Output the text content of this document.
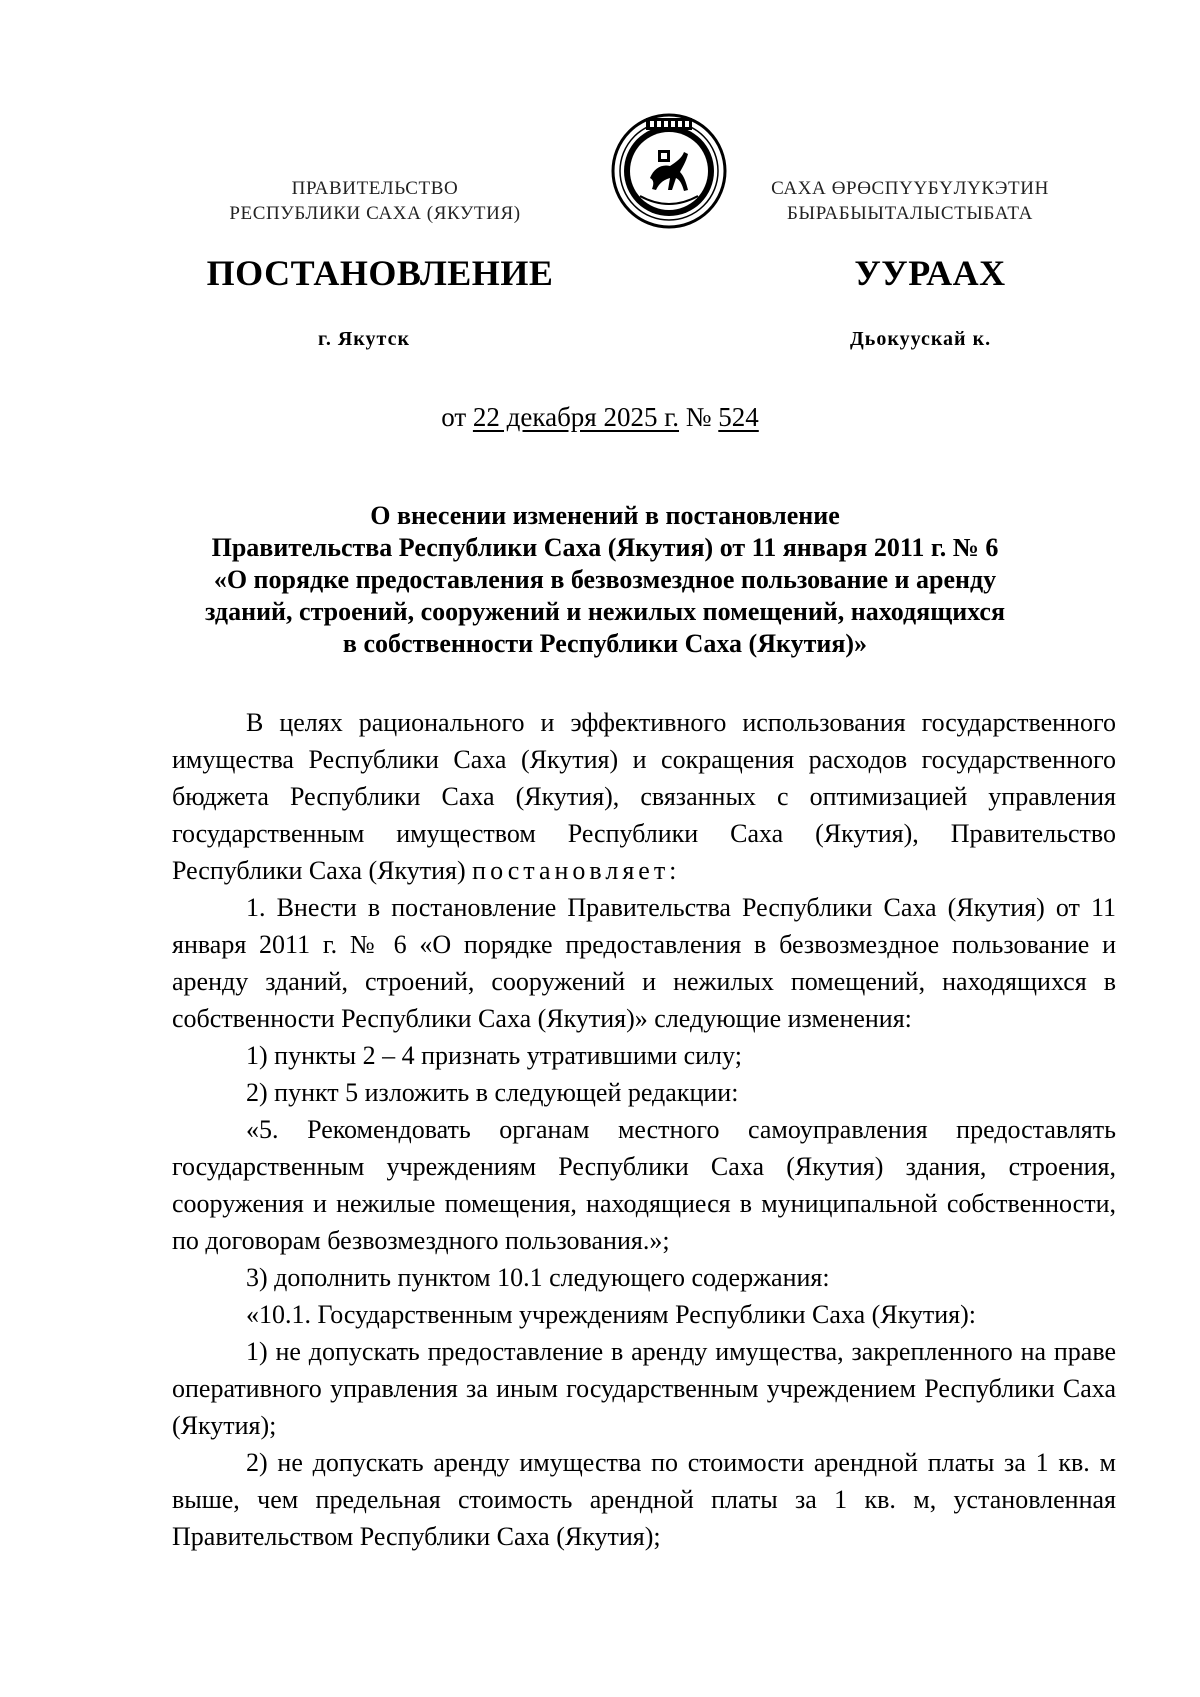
ПРАВИТЕЛЬСТВО
РЕСПУБЛИКИ САХА (ЯКУТИЯ)
САХА ӨРӨСПҮҮБҮЛҮКЭТИН
БЫРАБЫЫТАЛЫСТЫБАТА
ПОСТАНОВЛЕНИЕ	УУРААХ
г. Якутск	Дьокуускай к.
от 22 декабря 2025 г. № 524
О внесении изменений в постановление
Правительства Республики Саха (Якутия) от 11 января 2011 г. № 6
«О порядке предоставления в безвозмездное пользование и аренду
зданий, строений, сооружений и нежилых помещений, находящихся
в собственности Республики Саха (Якутия)»

В целях рационального и эффективного использования государственного имущества Республики Саха (Якутия) и сокращения расходов государственного бюджета Республики Саха (Якутия), связанных с оптимизацией управления государственным имуществом Республики Саха (Якутия), Правительство Республики Саха (Якутия) постановляет:

1. Внести в постановление Правительства Республики Саха (Якутия) от 11 января 2011 г. № 6 «О порядке предоставления в безвозмездное пользование и аренду зданий, строений, сооружений и нежилых помещений, находящихся в собственности Республики Саха (Якутия)» следующие изменения:

1) пункты 2 – 4 признать утратившими силу;

2) пункт 5 изложить в следующей редакции:

«5. Рекомендовать органам местного самоуправления предоставлять государственным учреждениям Республики Саха (Якутия) здания, строения, сооружения и нежилые помещения, находящиеся в муниципальной собственности, по договорам безвозмездного пользования.»;

3) дополнить пунктом 10.1 следующего содержания:

«10.1. Государственным учреждениям Республики Саха (Якутия):

1) не допускать предоставление в аренду имущества, закрепленного на праве оперативного управления за иным государственным учреждением Республики Саха (Якутия);

2) не допускать аренду имущества по стоимости арендной платы за 1 кв. м выше, чем предельная стоимость арендной платы за 1 кв. м, установленная Правительством Республики Саха (Якутия);
